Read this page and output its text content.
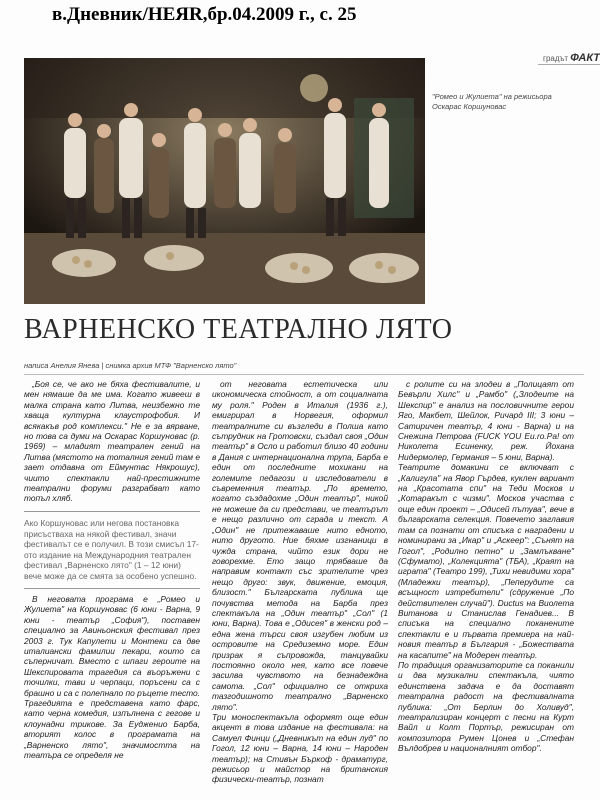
в.Дневник/НЕЯR,бр.04.2009 г., с. 25
градът ФАКТ
"Ромео и Жулиета" на режисьора Оскарас Коршуновас
ВАРНЕНСКО ТЕАТРАЛНО ЛЯТО
написа Анелия Янева | снимка архив МТФ "Варненско лято"

„Боя се, че ако не бяха фестивалите, и мен нямаше да ме има. Когато живееш в малка страна като Литва, неизбежно те хваща културна клаустрофобия. И всякакъв род комплекси." Не е за вярване, но това са думи на Оскарас Коршуновас (р. 1969) – младият театрален гений на Литва (мястото на тоталния гений там е зает отдавна от Еймунтас Някрошус), чиито спектакли най-престижните театрални форуми разграбват като топъл хляб.

Ако Коршуновас или негова постановка присъстваха на някой фестивал, значи фестивалът се е получил. В този смисъл 17-ото издание на Международния театрален фестивал „Варненско лято" (1 – 12 юни) вече може да се смята за особено успешно.

В неговата програма е „Ромео и Жулиета" на Коршуновас (6 юни - Варна, 9 юни - театър „София"), поставен специално за Авиньонския фестивал през 2003 г. Тук Капулети и Монтеки са две италиански фамилии пекари, които са съперничат. Вместо с шпаги героите на Шекспировата трагедия са въоръжени с точилки, тави и черпаци, поръсени са с брашно и са с полепнало по ръцете тесто. Трагедията е представена като фарс, като черна комедия, изпълнена с гегове и клоунадни трикове. За Еудженио Барба, вторият колос в програмата на „Варненско лято", значимостта на театъра се определя не

от неговата естетическа или икономическа стойност, а от социалната му роля." Роден в Италия (1936 г.), емигрирал в Норвегия, оформил театралните си възгледи в Полша като сътрудник на Гротовски, създал своя „Один театър" в Осло и работил близо 40 години в Дания с интернационална трупа, Барба е един от последните мохикани на големите педагози и изследователи в съвременния театър. „По времето, когато създадохме „Один театър", никой не можеше да си представи, че театърът е нещо различно от сграда и текст. А „Один" не притежаваше нито едното, нито другото. Ние бяхме изгнаници в чужда страна, чийто език дори не говорехме. Ето защо трябваше да направим контакт със зрителите чрез нещо друго: звук, движение, емоция, близост." Българската публика ще почувства метода на Барба през спектакъла на „Один театър" „Сол" (1 юни, Варна). Това е „Одисея" в женски род – една жена търси своя изгубен любим из островите на Средиземно море. Един призрак я съпровожда, танцувайки постоянно около нея, като все повече засилва чувството на безнадеждна самота. „Сол" официално се откриха тазгодишното театрално „Варненско лято".
Три моноспектакъла оформят още един акцент в това издание на фестивала: на Самуел Финци („Дневникът на един луд" по Гогол, 12 юни – Варна, 14 юни – Народен театър); на Стивън Бъркоф - драматург, режисьор и майстор на британския физически-театър, познат

с ролите си на злодеи в „Полицаят от Бевърли Хилс" и „Рамбо" („Злодеите на Шекспир" е анализ на пословичните герои Яго, Макбет, Шейлок, Ричард III; 3 юни – Сатиричен театър, 4 юни - Варна) и на Снежина Петрова (FUCK YOU Eu.ro.Pa! от Николета Есиненку, реж. Йохана Нидермолер, Германия – 5 юни, Варна).
Театрите домакини се включват с „Калигула" на Явор Гърдев, куклен вариант на „Красотата спи" на Теди Москов и „Котаракът с чизми". Москов участва с още един проект – „Одисей пътува", вече в българската селекция. Повечето заглавия там са познати от списъка с наградени и номинирани за „Икар" и „Аскеер": „Сънят на Гогол", „Родилно петно" и „Замлъкване" (Сфумато), „Колекцията" (ТБА), „Краят на играта" (Театро 199), „Тихи невидими хора" (Младежки театър), „Пеперудите са всъщност изтребители" (сдружение „По действителен случай"). Ductus на Виолета Витанова и Станислав Генадиев... В списъка на специално поканените спектакли е и първата премиера на най-новия театър в България - „Божествата на касапите" на Модерен театър.
По традиция организаторите са поканили и два музикални спектакъла, чиято единствена задача е да доставят театрална радост на фестивалната публика: „От Берлин до Холивуд", театрализиран концерт с песни на Курт Вайл и Колт Портър, режисиран от композитора Румен Цонев и „Стефан Вълдобрев и националният отбор".
